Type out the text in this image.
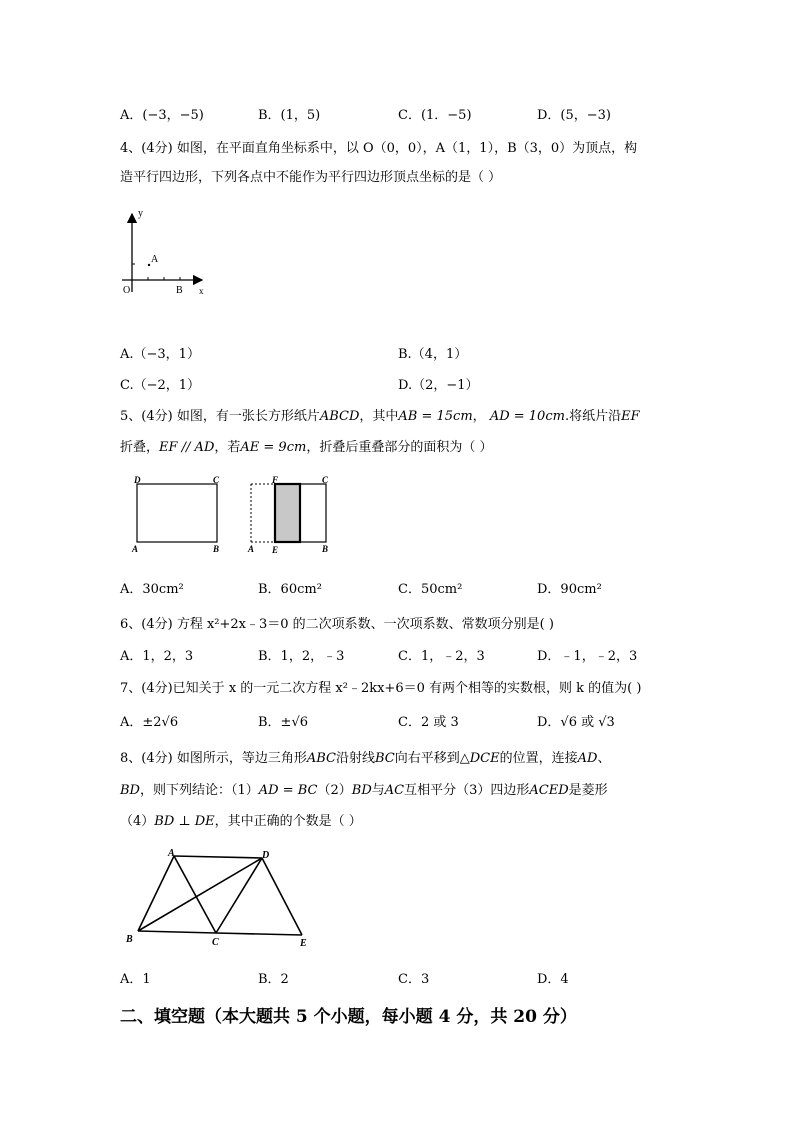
A．(−3，−5)	B．(1，5)	C．(1．−5)	D．(5，−3)
4、(4分) 如图，在平面直角坐标系中，以 O（0，0），A（1，1），B（3，0）为顶点，构
造平行四边形，下列各点中不能作为平行四边形顶点坐标的是（ ）
y
x
O
A
B
A.（−3，1）	B.（4，1）
C.（−2，1）	D.（2，−1）
5、(4分) 如图，有一张长方形纸片ABCD，其中AB = 15cm， AD = 10cm.将纸片沿EF
折叠，EF // AD，若AE = 9cm，折叠后重叠部分的面积为（ ）
D	C
A	B	A
F
E
C
B
A．30cm²	B．60cm²	C．50cm²	D．90cm²
6、(4分) 方程 x²+2x﹣3＝0 的二次项系数、一次项系数、常数项分别是( )
A．1，2，3	B．1，2，﹣3	C．1，﹣2，3	D．﹣1，﹣2，3
7、(4分)已知关于 x 的一元二次方程 x²﹣2kx+6＝0 有两个相等的实数根，则 k 的值为( )
A．±2√6	B．±√6	C．2 或 3	D．√6 或 √3
8、(4分) 如图所示，等边三角形ABC沿射线BC向右平移到△DCE的位置，连接AD、
BD，则下列结论：（1）AD = BC（2）BD与AC互相平分（3）四边形ACED是菱形
（4）BD ⊥ DE，其中正确的个数是（ ）
A	D
B	C	E
A．1	B．2	C．3	D．4
二、填空题（本大题共 5 个小题，每小题 4 分，共 20 分）
